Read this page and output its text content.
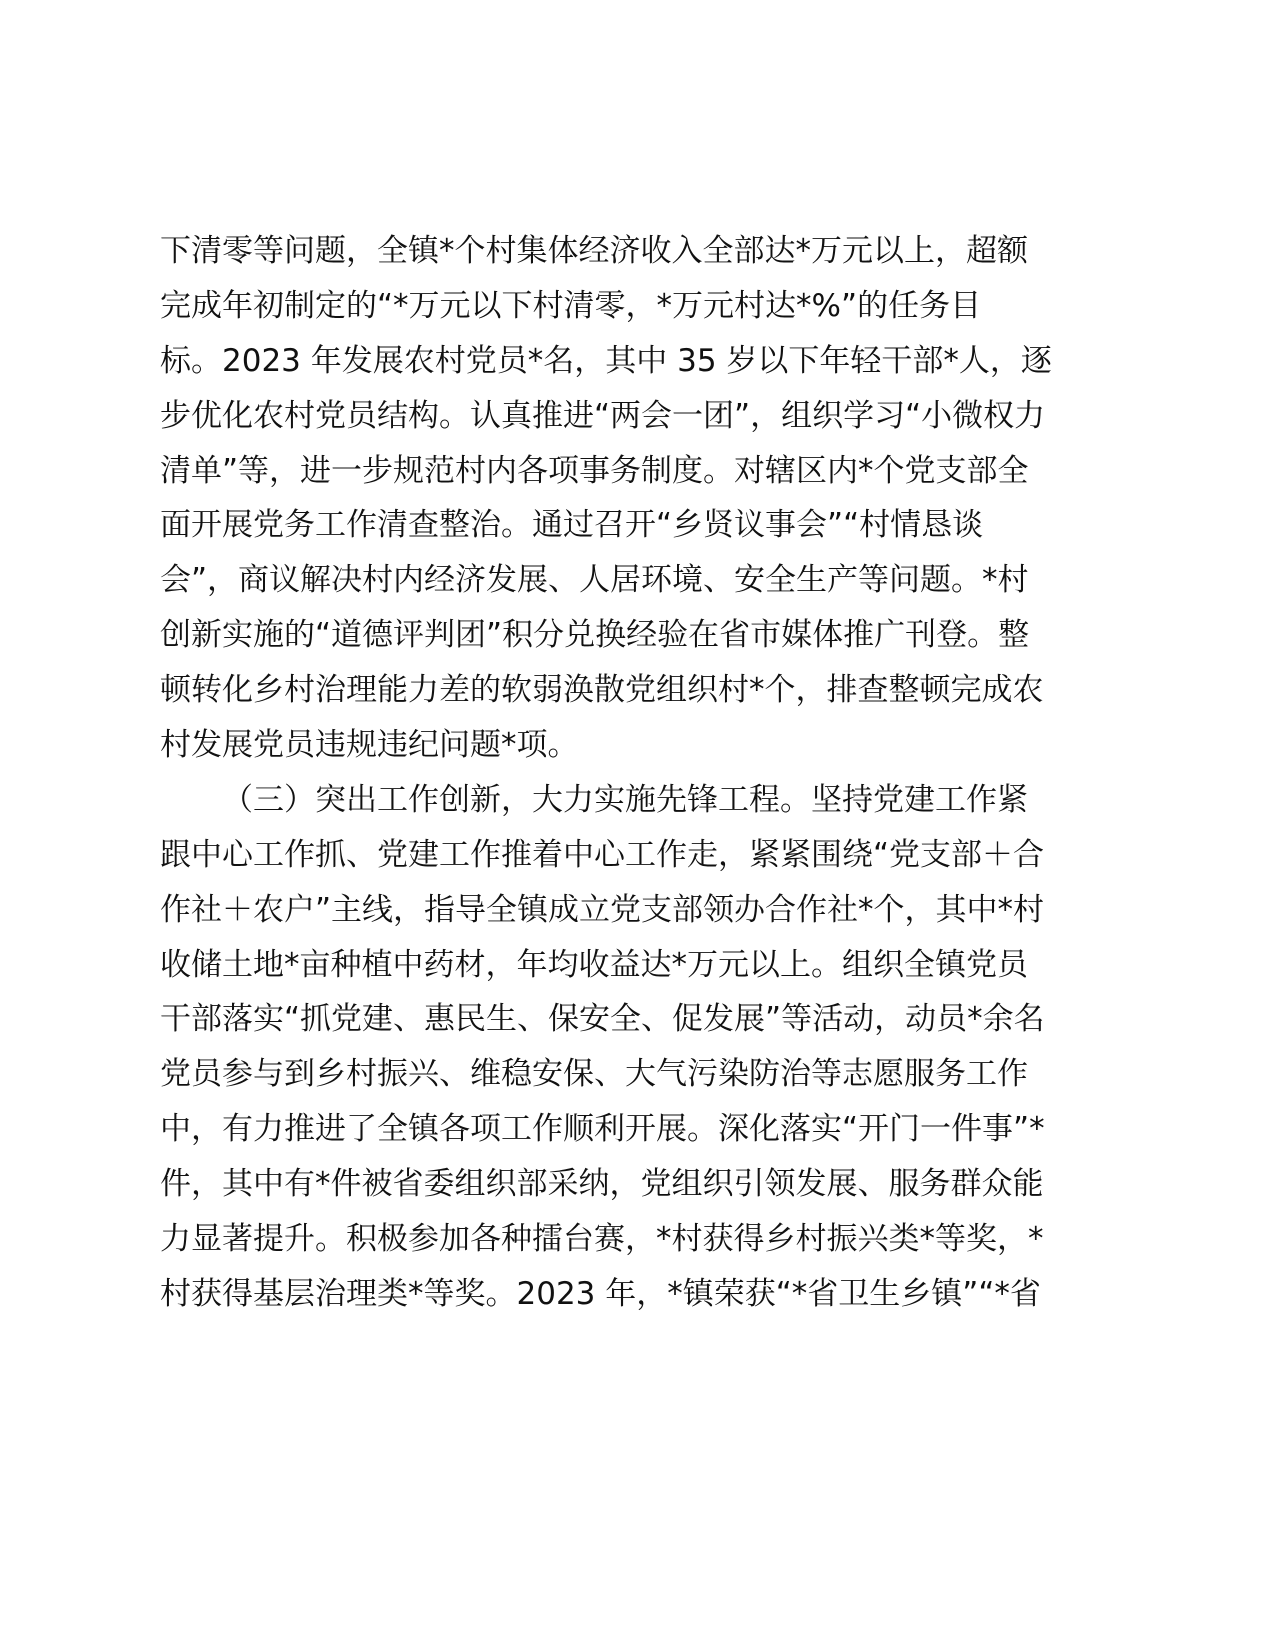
下清零等问题，全镇*个村集体经济收入全部达*万元以上，超额
完成年初制定的“*万元以下村清零，*万元村达*%”的任务目
标。2023 年发展农村党员*名，其中 35 岁以下年轻干部*人，逐
步优化农村党员结构。认真推进“两会一团”，组织学习“小微权力
清单”等，进一步规范村内各项事务制度。对辖区内*个党支部全
面开展党务工作清查整治。通过召开“乡贤议事会”“村情恳谈
会”，商议解决村内经济发展、人居环境、安全生产等问题。*村
创新实施的“道德评判团”积分兑换经验在省市媒体推广刊登。整
顿转化乡村治理能力差的软弱涣散党组织村*个，排查整顿完成农
村发展党员违规违纪问题*项。
（三）突出工作创新，大力实施先锋工程。坚持党建工作紧
跟中心工作抓、党建工作推着中心工作走，紧紧围绕“党支部＋合
作社＋农户”主线，指导全镇成立党支部领办合作社*个，其中*村
收储土地*亩种植中药材，年均收益达*万元以上。组织全镇党员
干部落实“抓党建、惠民生、保安全、促发展”等活动，动员*余名
党员参与到乡村振兴、维稳安保、大气污染防治等志愿服务工作
中，有力推进了全镇各项工作顺利开展。深化落实“开门一件事”*
件，其中有*件被省委组织部采纳，党组织引领发展、服务群众能
力显著提升。积极参加各种擂台赛，*村获得乡村振兴类*等奖，*
村获得基层治理类*等奖。2023 年，*镇荣获“*省卫生乡镇”“*省
